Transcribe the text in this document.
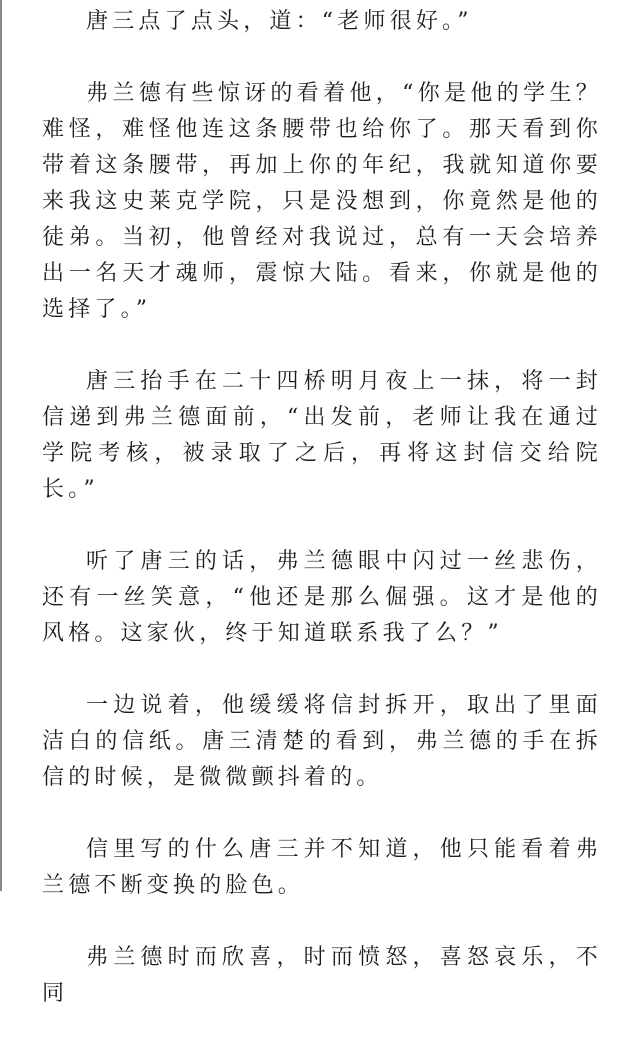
唐三点了点头，道：“老师很好。”

弗兰德有些惊讶的看着他，“你是他的学生？难怪，难怪他连这条腰带也给你了。那天看到你带着这条腰带，再加上你的年纪，我就知道你要来我这史莱克学院，只是没想到，你竟然是他的徒弟。当初，他曾经对我说过，总有一天会培养出一名天才魂师，震惊大陆。看来，你就是他的选择了。”

唐三抬手在二十四桥明月夜上一抹，将一封信递到弗兰德面前，“出发前，老师让我在通过学院考核，被录取了之后，再将这封信交给院长。”

听了唐三的话，弗兰德眼中闪过一丝悲伤，还有一丝笑意，“他还是那么倔强。这才是他的风格。这家伙，终于知道联系我了么？”

一边说着，他缓缓将信封拆开，取出了里面洁白的信纸。唐三清楚的看到，弗兰德的手在拆信的时候，是微微颤抖着的。

信里写的什么唐三并不知道，他只能看着弗兰德不断变换的脸色。

弗兰德时而欣喜，时而愤怒，喜怒哀乐，不同
